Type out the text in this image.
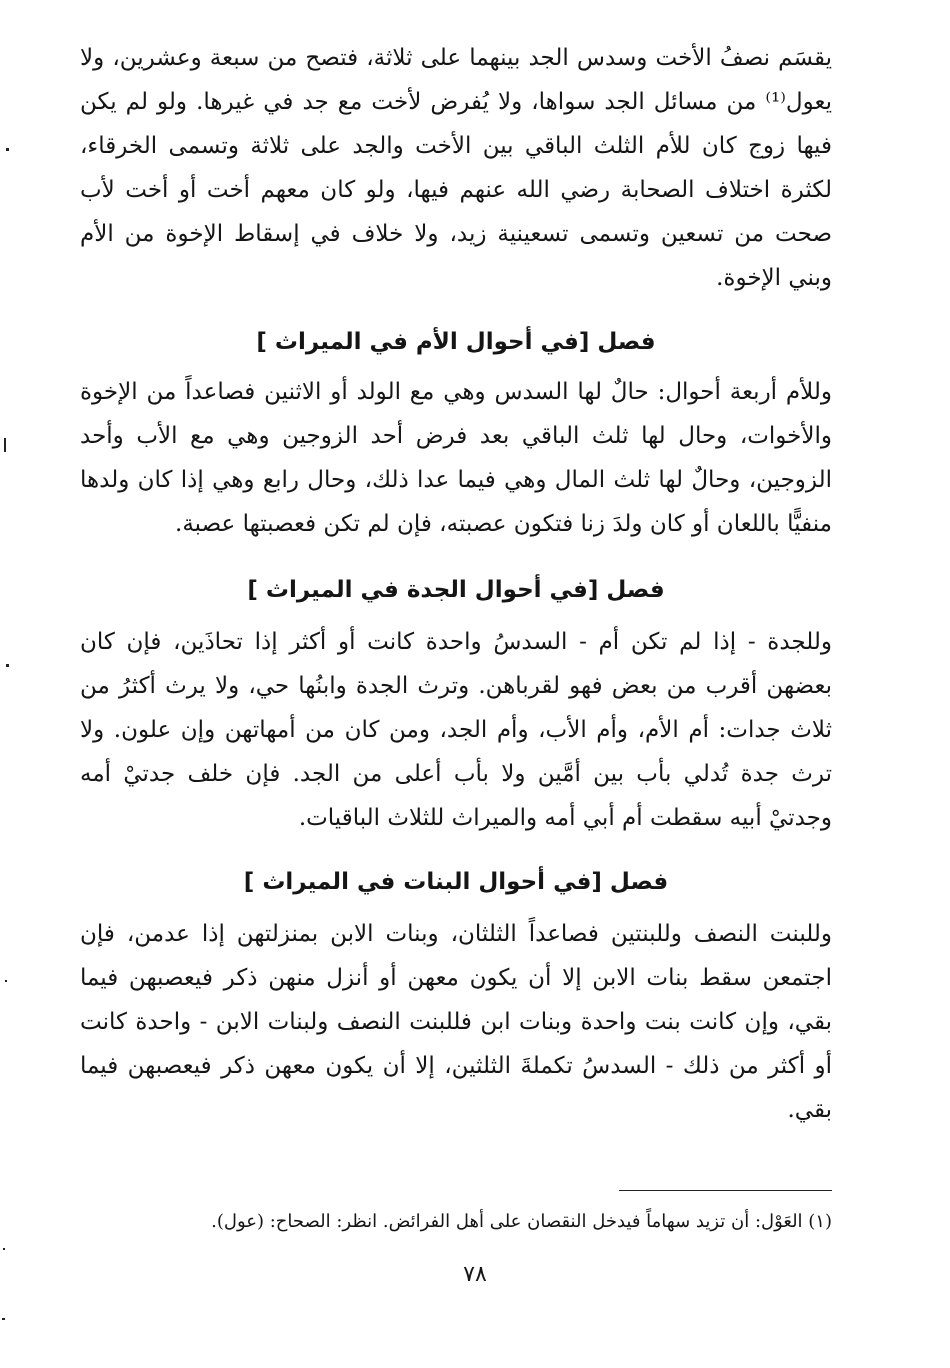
يقسَم نصفُ الأخت وسدس الجد بينهما على ثلاثة، فتصح من سبعة وعشرين، ولا يعول⁽¹⁾ من مسائل الجد سواها، ولا يُفرض لأخت مع جد في غيرها. ولو لم يكن فيها زوج كان للأم الثلث الباقي بين الأخت والجد على ثلاثة وتسمى الخرقاء، لكثرة اختلاف الصحابة رضي الله عنهم فيها، ولو كان معهم أخت أو أخت لأب صحت من تسعين وتسمى تسعينية زيد، ولا خلاف في إسقاط الإخوة من الأم وبني الإخوة.

فصل [في أحوال الأم في الميراث ]

وللأم أربعة أحوال: حالٌ لها السدس وهي مع الولد أو الاثنين فصاعداً من الإخوة والأخوات، وحال لها ثلث الباقي بعد فرض أحد الزوجين وهي مع الأب وأحد الزوجين، وحالٌ لها ثلث المال وهي فيما عدا ذلك، وحال رابع وهي إذا كان ولدها منفيًّا باللعان أو كان ولدَ زنا فتكون عصبته، فإن لم تكن فعصبتها عصبة.

فصل [في أحوال الجدة في الميراث ]

وللجدة - إذا لم تكن أم - السدسُ واحدة كانت أو أكثر إذا تحاذَين، فإن كان بعضهن أقرب من بعض فهو لقرباهن. وترث الجدة وابنُها حي، ولا يرث أكثرُ من ثلاث جدات: أم الأم، وأم الأب، وأم الجد، ومن كان من أمهاتهن وإن علون. ولا ترث جدة تُدلي بأب بين أمَّين ولا بأب أعلى من الجد. فإن خلف جدتيْ أمه وجدتيْ أبيه سقطت أم أبي أمه والميراث للثلاث الباقيات.

فصل [في أحوال البنات في الميراث ]

وللبنت النصف وللبنتين فصاعداً الثلثان، وبنات الابن بمنزلتهن إذا عدمن، فإن اجتمعن سقط بنات الابن إلا أن يكون معهن أو أنزل منهن ذكر فيعصبهن فيما بقي، وإن كانت بنت واحدة وبنات ابن فللبنت النصف ولبنات الابن - واحدة كانت أو أكثر من ذلك - السدسُ تكملةَ الثلثين، إلا أن يكون معهن ذكر فيعصبهن فيما بقي.

(١) العَوْل: أن تزيد سهاماً فيدخل النقصان على أهل الفرائض. انظر: الصحاح: (عول).
٧٨
